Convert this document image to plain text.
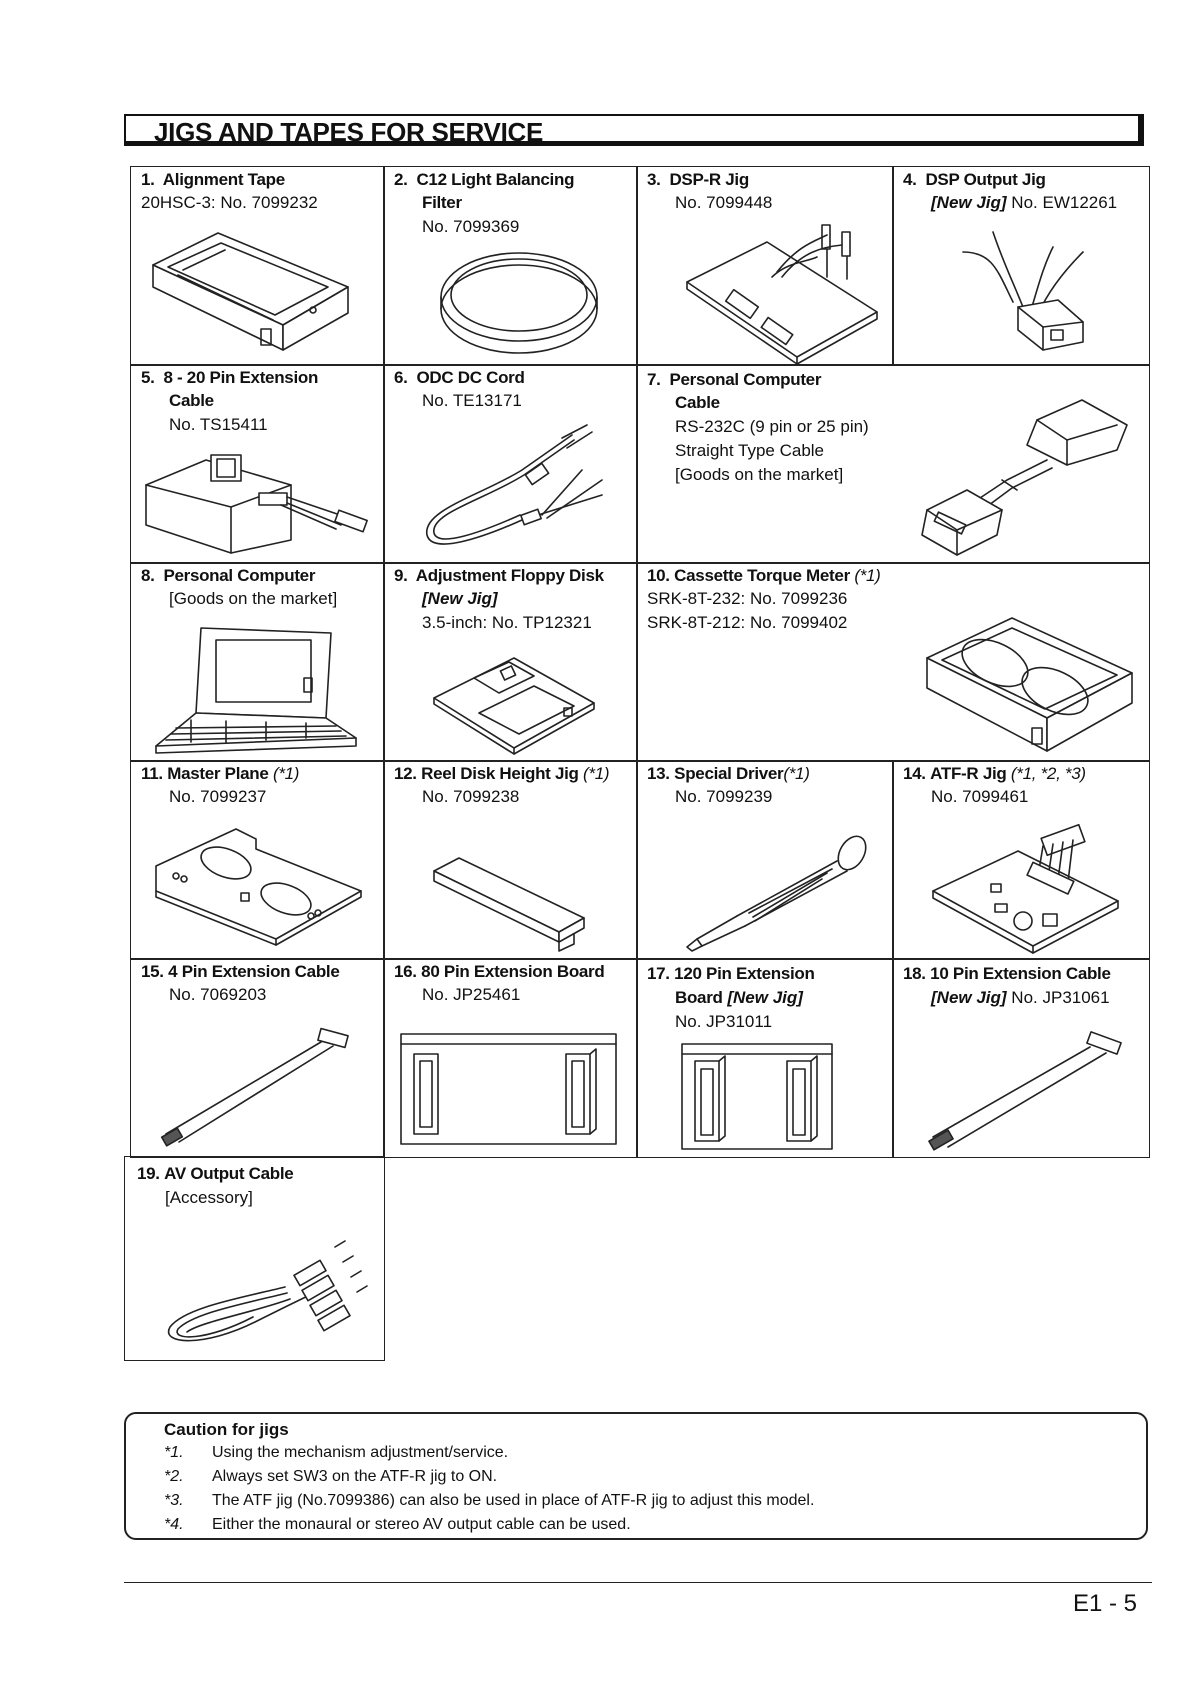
JIGS AND TAPES FOR SERVICE
1. Alignment Tape
20HSC-3: No. 7099232
2. C12 Light Balancing
Filter
No. 7099369
3. DSP-R Jig
No. 7099448
4. DSP Output Jig
[New Jig] No. EW12261
5. 8 - 20 Pin Extension
Cable
No. TS15411
6. ODC DC Cord
No. TE13171
7. Personal Computer
Cable
RS-232C (9 pin or 25 pin)
Straight Type Cable
[Goods on the market]
8. Personal Computer
[Goods on the market]
9. Adjustment Floppy Disk
[New Jig]
3.5-inch: No. TP12321
10. Cassette Torque Meter (*1)
SRK-8T-232: No. 7099236
SRK-8T-212: No. 7099402
11. Master Plane (*1)
No. 7099237
12. Reel Disk Height Jig (*1)
No. 7099238
13. Special Driver(*1)
No. 7099239
14. ATF-R Jig (*1, *2, *3)
No. 7099461
15. 4 Pin Extension Cable
No. 7069203
16. 80 Pin Extension Board
No. JP25461
17. 120 Pin Extension
Board [New Jig]
No. JP31011
18. 10 Pin Extension Cable
[New Jig] No. JP31061
19. AV Output Cable
[Accessory]
Caution for jigs
*1. Using the mechanism adjustment/service.
*2. Always set SW3 on the ATF-R jig to ON.
*3. The ATF jig (No.7099386) can also be used in place of ATF-R jig to adjust this model.
*4. Either the monaural or stereo AV output cable can be used.
E1 - 5
